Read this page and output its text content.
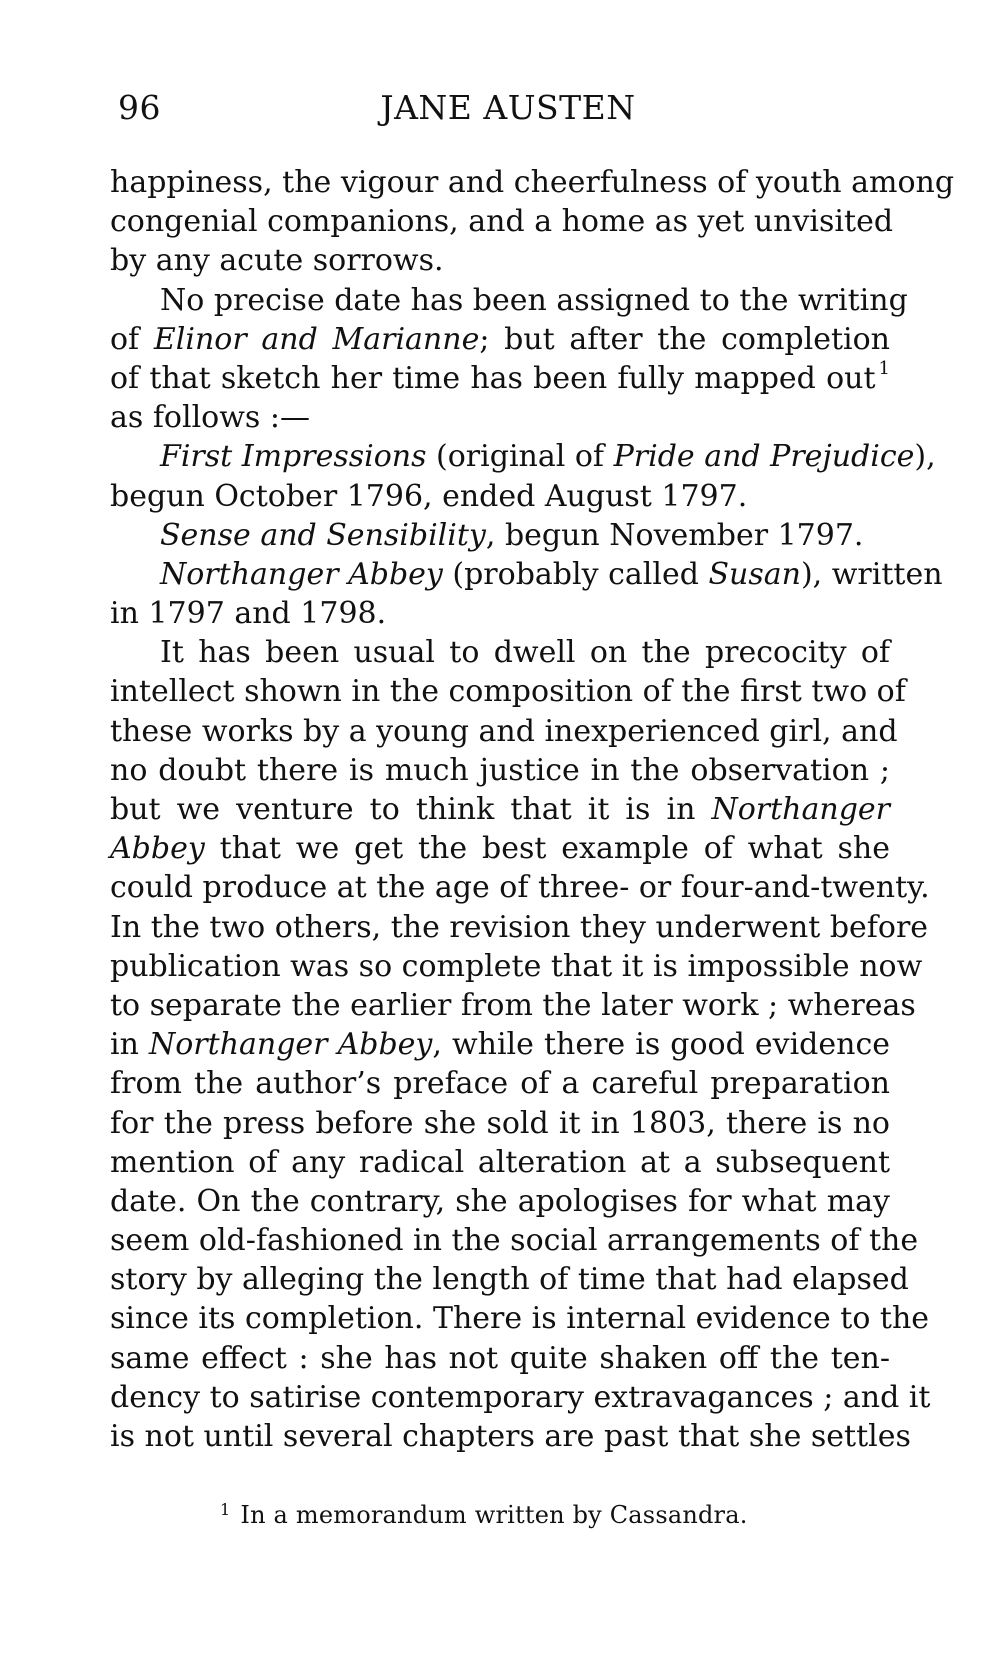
96	JANE AUSTEN
happiness, the vigour and cheerfulness of youth among
congenial companions, and a home as yet unvisited
by any acute sorrows.
No precise date has been assigned to the writing
of Elinor and Marianne; but after the completion
of that sketch her time has been fully mapped out $^1$
as follows :—
First Impressions (original of Pride and Prejudice),
begun October 1796, ended August 1797.
Sense and Sensibility, begun November 1797.
Northanger Abbey (probably called Susan), written
in 1797 and 1798.
It has been usual to dwell on the precocity of
intellect shown in the composition of the first two of
these works by a young and inexperienced girl, and
no doubt there is much justice in the observation ;
but we venture to think that it is in Northanger
Abbey that we get the best example of what she
could produce at the age of three- or four-and-twenty.
In the two others, the revision they underwent before
publication was so complete that it is impossible now
to separate the earlier from the later work ; whereas
in Northanger Abbey, while there is good evidence
from the author’s preface of a careful preparation
for the press before she sold it in 1803, there is no
mention of any radical alteration at a subsequent
date. On the contrary, she apologises for what may
seem old-fashioned in the social arrangements of the
story by alleging the length of time that had elapsed
since its completion. There is internal evidence to the
same effect : she has not quite shaken off the ten-
dency to satirise contemporary extravagances ; and it
is not until several chapters are past that she settles
$^1$ In a memorandum written by Cassandra.
